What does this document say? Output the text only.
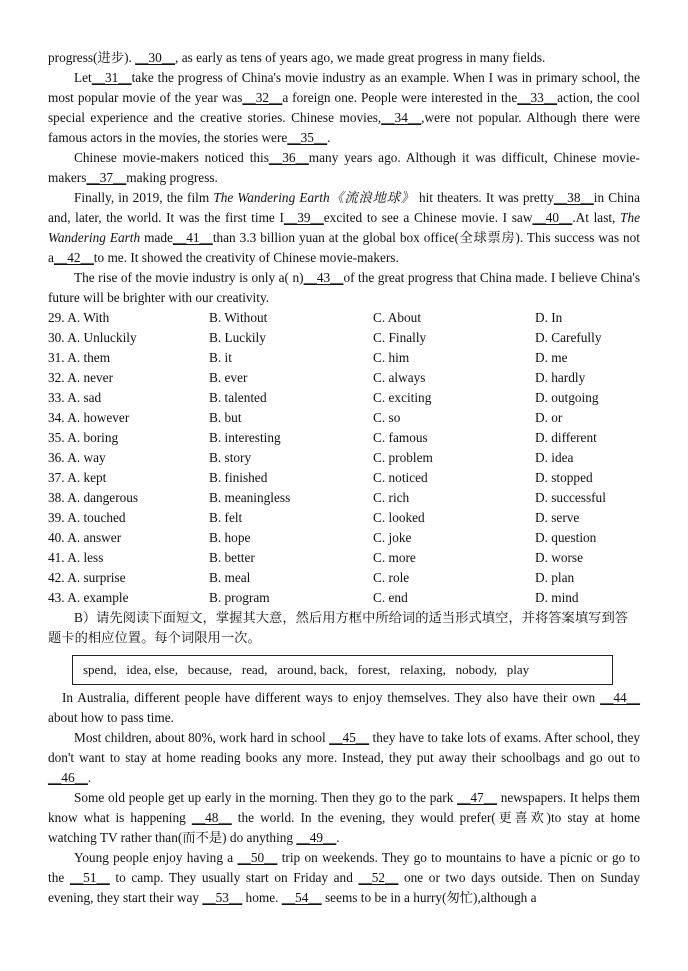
progress(进步). __30__, as early as tens of years ago, we made great progress in many fields.

Let__31__take the progress of China's movie industry as an example. When I was in primary school, the most popular movie of the year was__32__a foreign one. People were interested in the__33__action, the cool special experience and the creative stories. Chinese movies,__34__,were not popular. Although there were famous actors in the movies, the stories were__35__.

Chinese movie-makers noticed this__36__many years ago. Although it was difficult, Chinese movie-makers__37__making progress.

Finally, in 2019, the film The Wandering Earth《流浪地球》 hit theaters. It was pretty__38__in China and, later, the world. It was the first time I__39__excited to see a Chinese movie. I saw__40__.At last, The Wandering Earth made__41__than 3.3 billion yuan at the global box office(全球票房). This success was not a__42__to me. It showed the creativity of Chinese movie-makers.

The rise of the movie industry is only a( n)__43__of the great progress that China made. I believe China's future will be brighter with our creativity.

29. A. With	B. Without	C. About	D. In
30. A. Unluckily	B. Luckily	C. Finally	D. Carefully
31. A. them	B. it	C. him	D. me
32. A. never	B. ever	C. always	D. hardly
33. A. sad	B. talented	C. exciting	D. outgoing
34. A. however	B. but	C. so	D. or
35. A. boring	B. interesting	C. famous	D. different
36. A. way	B. story	C. problem	D. idea
37. A. kept	B. finished	C. noticed	D. stopped
38. A. dangerous	B. meaningless	C. rich	D. successful
39. A. touched	B. felt	C. looked	D. serve
40. A. answer	B. hope	C. joke	D. question
41. A. less	B. better	C. more	D. worse
42. A. surprise	B. meal	C. role	D. plan
43. A. example	B. program	C. end	D. mind
B）请先阅读下面短文，掌握其大意，然后用方框中所给词的适当形式填空，并将答案填写到答题卡的相应位置。每个词限用一次。
spend,
idea, else,
because,
read,
around, back,
forest,
relaxing,
nobody,
play

In Australia, different people have different ways to enjoy themselves. They also have their own __44__ about how to pass time.

Most children, about 80%, work hard in school __45__ they have to take lots of exams. After school, they don't want to stay at home reading books any more. Instead, they put away their schoolbags and go out to __46__.

Some old people get up early in the morning. Then they go to the park __47__ newspapers. It helps them know what is happening __48__ the world. In the evening, they would prefer(更喜欢)to stay at home watching TV rather than(而不是) do anything __49__.

Young people enjoy having a __50__ trip on weekends. They go to mountains to have a picnic or go to the __51__ to camp. They usually start on Friday and __52__ one or two days outside. Then on Sunday evening, they start their way __53__ home. __54__ seems to be in a hurry(匆忙),although a
